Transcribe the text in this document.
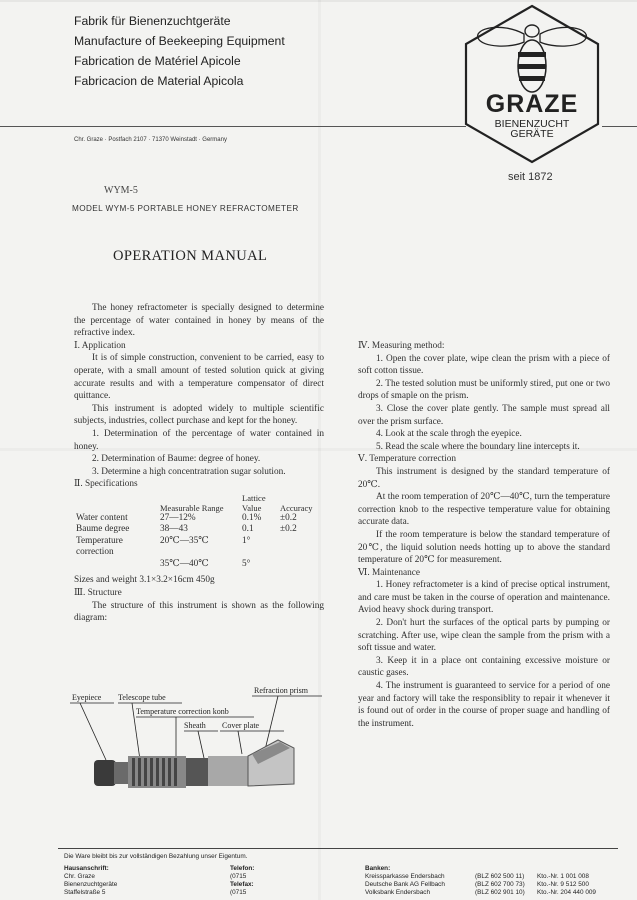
Fabrik für Bienenzuchtgeräte
Manufacture of Beekeeping Equipment
Fabrication de Matériel Apicole
Fabricacion de Material Apicola
GRAZE
BIENENZUCHT
GERÄTE
seit 1872
Chr. Graze · Postfach 2107 · 71370 Weinstadt · Germany
WYM-5
MODEL WYM-5 PORTABLE HONEY REFRACTOMETER
OPERATION MANUAL

The honey refractometer is specially designed to determine the percentage of water contained in honey by means of the refractive index.

Ⅰ. Application

It is of simple construction, convenient to be carried, easy to operate, with a small amount of tested solution quick at giving accurate results and with a temperature compensator of direct quittance.

This instrument is adopted widely to multiple scientific subjects, industries, collect purchase and kept for the honey.

1. Determination of the percentage of water contained in honey.

2. Determination of Baume: degree of honey.

3. Determine a high concentratration sugar solution.

Ⅱ. Specifications

	Measurable Range	Lattice Value	Accuracy
Water content	27—12%	0.1%	±0.2
Baume degree	38—43	0.1	±0.2
Temperature correction	20℃—35℃	1°	
	35℃—40℃	5°	

Sizes and weight 3.1×3.2×16cm 450g

Ⅲ. Structure

The structure of this instrument is shown as the following diagram:

Refraction prism
Eyepiece Telescope tube
Temperature correction konb
Sheath Cover plate

Ⅳ. Measuring method:

1. Open the cover plate, wipe clean the prism with a piece of soft cotton tissue.

2. The tested solution must be uniformly stired, put one or two drops of smaple on the prism.

3. Close the cover plate gently. The sample must spread all over the prism surface.

4. Look at the scale throgh the eyepice.

5. Read the scale where the boundary line intercepts it.

Ⅴ. Temperature correction

This instrument is designed by the standard temperature of 20℃.

At the room temperation of 20℃—40℃, turn the temperature correction knob to the respective temperature value for obtaining accurate data.

If the room temperature is below the standard temperature of 20℃, the liquid solution needs hotting up to above the standard temperature of 20℃ for measurement.

Ⅵ. Maintenance

1. Honey refractometer is a kind of precise optical instrument, and care must be taken in the course of operation and maintenance. Aviod heavy shock during transport.

2. Don't hurt the surfaces of the optical parts by pumping or scratching. After use, wipe clean the sample from the prism with a soft tissue and water.

3. Keep it in a place ont containing excessive moisture or caustic gases.

4. The instrument is guaranteed to service for a period of one year and factory will take the responsiblity to repair it whenever it is found out of order in the course of proper suage and handling of the instrument.

Die Ware bleibt bis zur vollständigen Bezahlung unser Eigentum.
Hausanschrift:
Chr. Graze
Bienenzuchtgeräte
Staffelstraße 5
Telefon:
(0715
Telefax:
(0715
Banken:
Kreissparkasse Endersbach	(BLZ 602 500 11) Kto.-Nr. 1 001 008
Deutsche Bank AG Fellbach	(BLZ 602 700 73) Kto.-Nr. 9 512 500
Volksbank Endersbach	(BLZ 602 901 10) Kto.-Nr. 204 440 009
